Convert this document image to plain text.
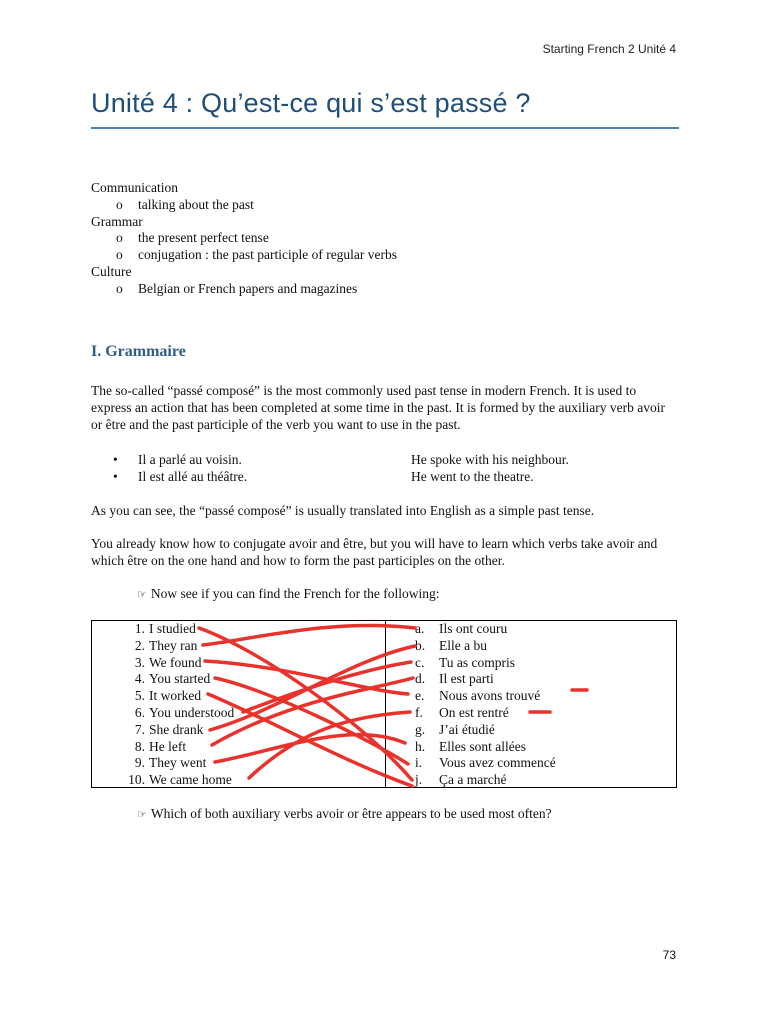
Starting French 2 Unité 4
Unité 4 : Qu’est-ce qui s’est passé ?

Communication

o talking about the past

Grammar

o the present perfect tense
o conjugation : the past participle of regular verbs

Culture

o Belgian or French papers and magazines
I. Grammaire

The so-called “passé composé” is the most commonly used past tense in modern French. It is used to express an action that has been completed at some time in the past. It is formed by the auxiliary verb avoir or être and the past participle of the verb you want to use in the past.

• Il a parlé au voisin.	He spoke with his neighbour.
• Il est allé au théâtre.	He went to the theatre.

As you can see, the “passé composé” is usually translated into English as a simple past tense.

You already know how to conjugate avoir and être, but you will have to learn which verbs take avoir and which être on the one hand and how to form the past participles on the other.

☞ Now see if you can find the French for the following:
1. I studied
2. They ran
3. We found
4. You started
5. It worked
6. You understood
7. She drank
8. He left
9. They went
10. We came home
a. Ils ont couru
b. Elle a bu
c. Tu as compris
d. Il est parti
e. Nous avons trouvé
f. On est rentré
g. J’ai étudié
h. Elles sont allées
i. Vous avez commencé
j. Ça a marché
☞ Which of both auxiliary verbs avoir or être appears to be used most often?
73
